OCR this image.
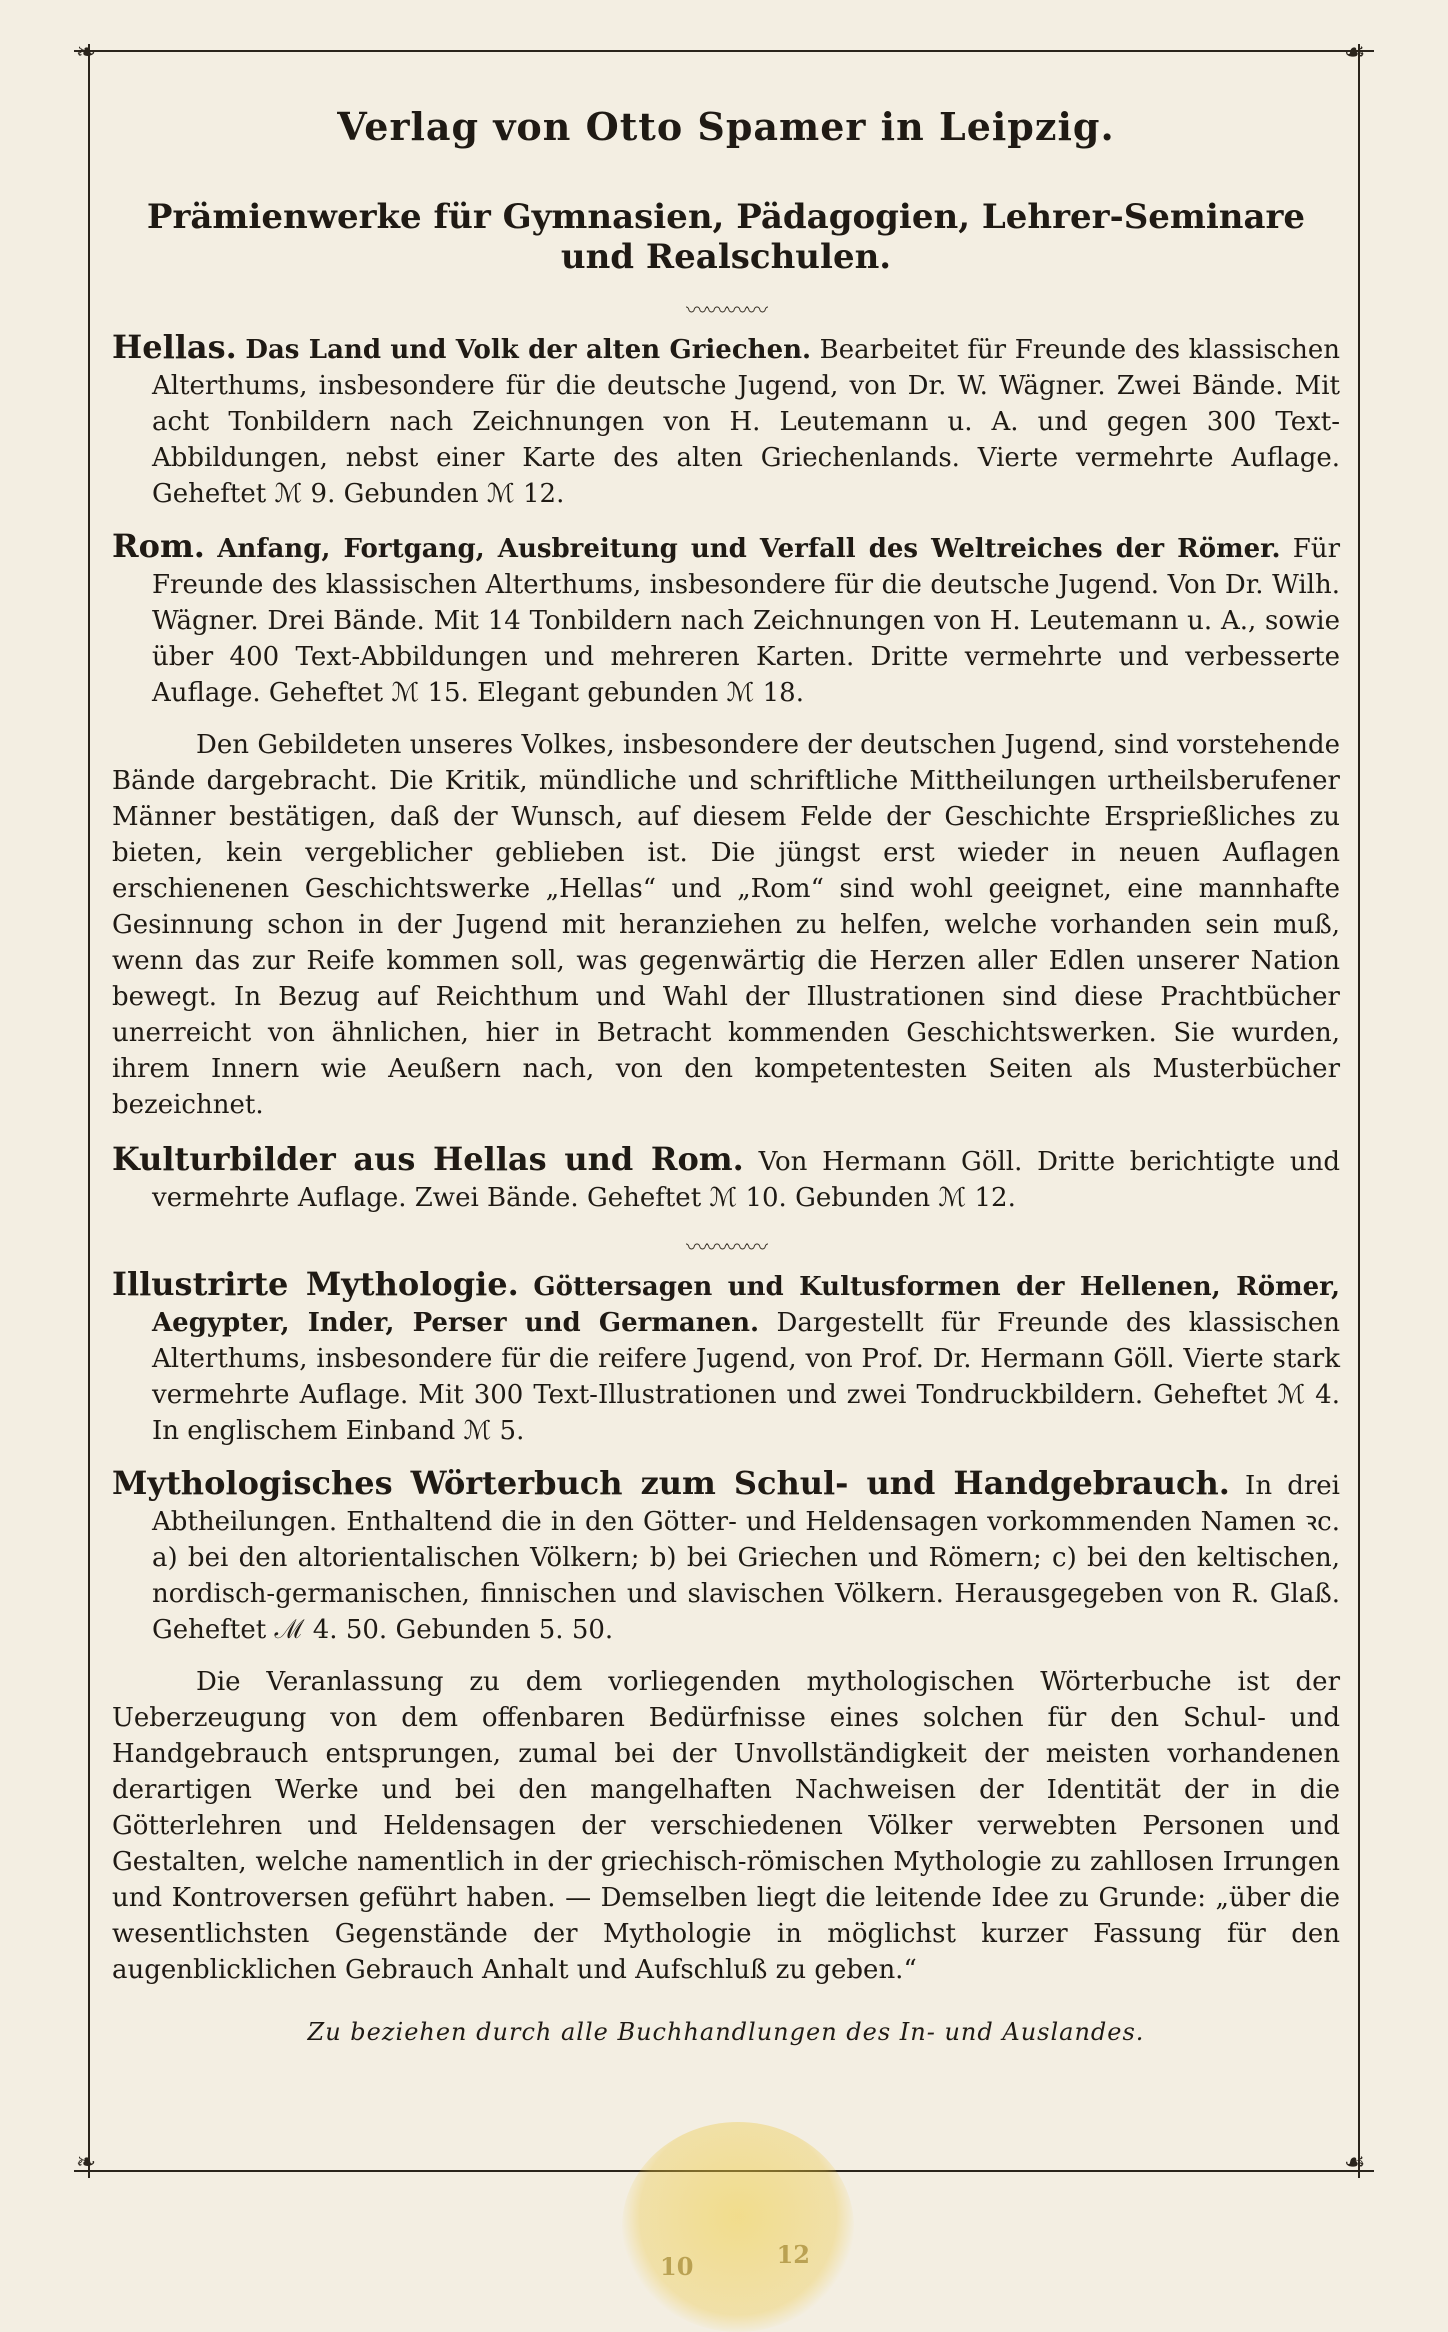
❧	☙
❧	☙
Verlag von Otto Spamer in Leipzig.
Prämienwerke für Gymnasien, Pädagogien, Lehrer-Seminare und Realschulen.
〰〰〰〰
Hellas. Das Land und Volk der alten Griechen. Bearbeitet für Freunde des klassischen Alterthums, insbesondere für die deutsche Jugend, von Dr. W. Wägner. Zwei Bände. Mit acht Tonbildern nach Zeichnungen von H. Leutemann u. A. und gegen 300 Text-Abbildungen, nebst einer Karte des alten Griechenlands. Vierte vermehrte Auflage. Geheftet ℳ 9. Gebunden ℳ 12.
Rom. Anfang, Fortgang, Ausbreitung und Verfall des Weltreiches der Römer. Für Freunde des klassischen Alterthums, insbesondere für die deutsche Jugend. Von Dr. Wilh. Wägner. Drei Bände. Mit 14 Tonbildern nach Zeichnungen von H. Leutemann u. A., sowie über 400 Text-Abbildungen und mehreren Karten. Dritte vermehrte und verbesserte Auflage. Geheftet ℳ 15. Elegant gebunden ℳ 18.
Den Gebildeten unseres Volkes, insbesondere der deutschen Jugend, sind vorstehende Bände dargebracht. Die Kritik, mündliche und schriftliche Mittheilungen urtheilsberufener Männer bestätigen, daß der Wunsch, auf diesem Felde der Geschichte Ersprießliches zu bieten, kein vergeblicher geblieben ist. Die jüngst erst wieder in neuen Auflagen erschienenen Geschichtswerke „Hellas“ und „Rom“ sind wohl geeignet, eine mannhafte Gesinnung schon in der Jugend mit heranziehen zu helfen, welche vorhanden sein muß, wenn das zur Reife kommen soll, was gegenwärtig die Herzen aller Edlen unserer Nation bewegt. In Bezug auf Reichthum und Wahl der Illustrationen sind diese Prachtbücher unerreicht von ähnlichen, hier in Betracht kommenden Geschichtswerken. Sie wurden, ihrem Innern wie Aeußern nach, von den kompetentesten Seiten als Musterbücher bezeichnet.
Kulturbilder aus Hellas und Rom. Von Hermann Göll. Dritte berichtigte und vermehrte Auflage. Zwei Bände. Geheftet ℳ 10. Gebunden ℳ 12.
〰〰〰〰
Illustrirte Mythologie. Göttersagen und Kultusformen der Hellenen, Römer, Aegypter, Inder, Perser und Germanen. Dargestellt für Freunde des klassischen Alterthums, insbesondere für die reifere Jugend, von Prof. Dr. Hermann Göll. Vierte stark vermehrte Auflage. Mit 300 Text-Illustrationen und zwei Tondruckbildern. Geheftet ℳ 4. In englischem Einband ℳ 5.
Mythologisches Wörterbuch zum Schul- und Handgebrauch. In drei Abtheilungen. Enthaltend die in den Götter- und Heldensagen vorkommenden Namen ꝛc. a) bei den altorientalischen Völkern; b) bei Griechen und Römern; c) bei den keltischen, nordisch-germanischen, finnischen und slavischen Völkern. Herausgegeben von R. Glaß. Geheftet ℳ 4. 50. Gebunden 5. 50.
Die Veranlassung zu dem vorliegenden mythologischen Wörterbuche ist der Ueberzeugung von dem offenbaren Bedürfnisse eines solchen für den Schul- und Handgebrauch entsprungen, zumal bei der Unvollständigkeit der meisten vorhandenen derartigen Werke und bei den mangelhaften Nachweisen der Identität der in die Götterlehren und Heldensagen der verschiedenen Völker verwebten Personen und Gestalten, welche namentlich in der griechisch-römischen Mythologie zu zahllosen Irrungen und Kontroversen geführt haben. — Demselben liegt die leitende Idee zu Grunde: „über die wesentlichsten Gegenstände der Mythologie in möglichst kurzer Fassung für den augenblicklichen Gebrauch Anhalt und Aufschluß zu geben.“
Zu beziehen durch alle Buchhandlungen des In- und Auslandes.
10	12
